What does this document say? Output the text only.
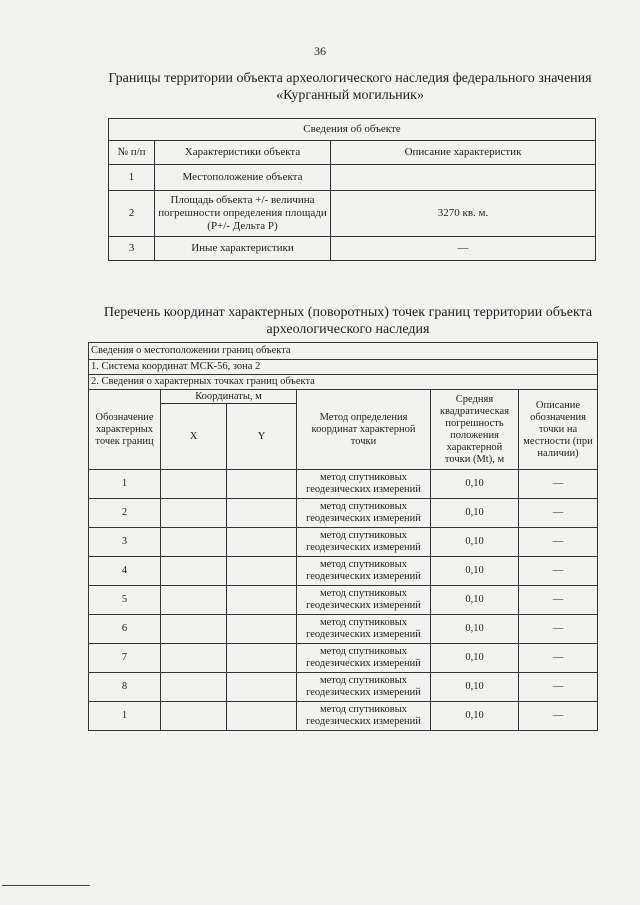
36
Границы территории объекта археологического наследия федерального значения «Курганный могильник»
Сведения об объекте		
№ п/п	Характеристики объекта	Описание характеристик
1	Местоположение объекта	
2	Площадь объекта +/- величина погрешности определения площади (Р+/- Дельта Р)	3270 кв. м.
3	Иные характеристики	—
Перечень координат характерных (поворотных) точек границ территории объекта археологического наследия
Сведения о местоположении границ объекта					
1. Система координат МСК-56, зона 2					
2. Сведения о характерных точках границ объекта					
Обозначение характерных точек границ	Координаты, м		Метод определения координат характерной точки	Средняя квадратическая погрешность положения характерной точки (Mt), м	Описание обозначения точки на местности (при наличии)
	X	Y			
1			метод спутниковых геодезических измерений	0,10	—
2			метод спутниковых геодезических измерений	0,10	—
3			метод спутниковых геодезических измерений	0,10	—
4			метод спутниковых геодезических измерений	0,10	—
5			метод спутниковых геодезических измерений	0,10	—
6			метод спутниковых геодезических измерений	0,10	—
7			метод спутниковых геодезических измерений	0,10	—
8			метод спутниковых геодезических измерений	0,10	—
1			метод спутниковых геодезических измерений	0,10	—
